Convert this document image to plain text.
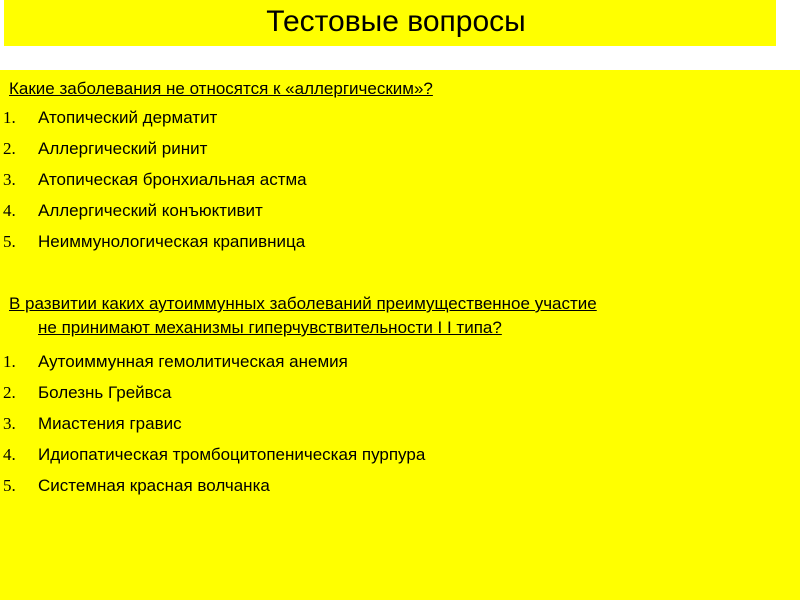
Тестовые вопросы
Какие заболевания не относятся к «аллергическим»?
1. Атопический дерматит
2. Аллергический ринит
3. Атопическая бронхиальная астма
4. Аллергический конъюктивит
5. Неиммунологическая крапивница
В развитии каких аутоиммунных заболеваний преимущественное участие
не принимают механизмы гиперчувствительности I I типа?
1. Аутоиммунная гемолитическая анемия
2. Болезнь Грейвса
3. Миастения гравис
4. Идиопатическая тромбоцитопеническая пурпура
5. Системная красная волчанка
